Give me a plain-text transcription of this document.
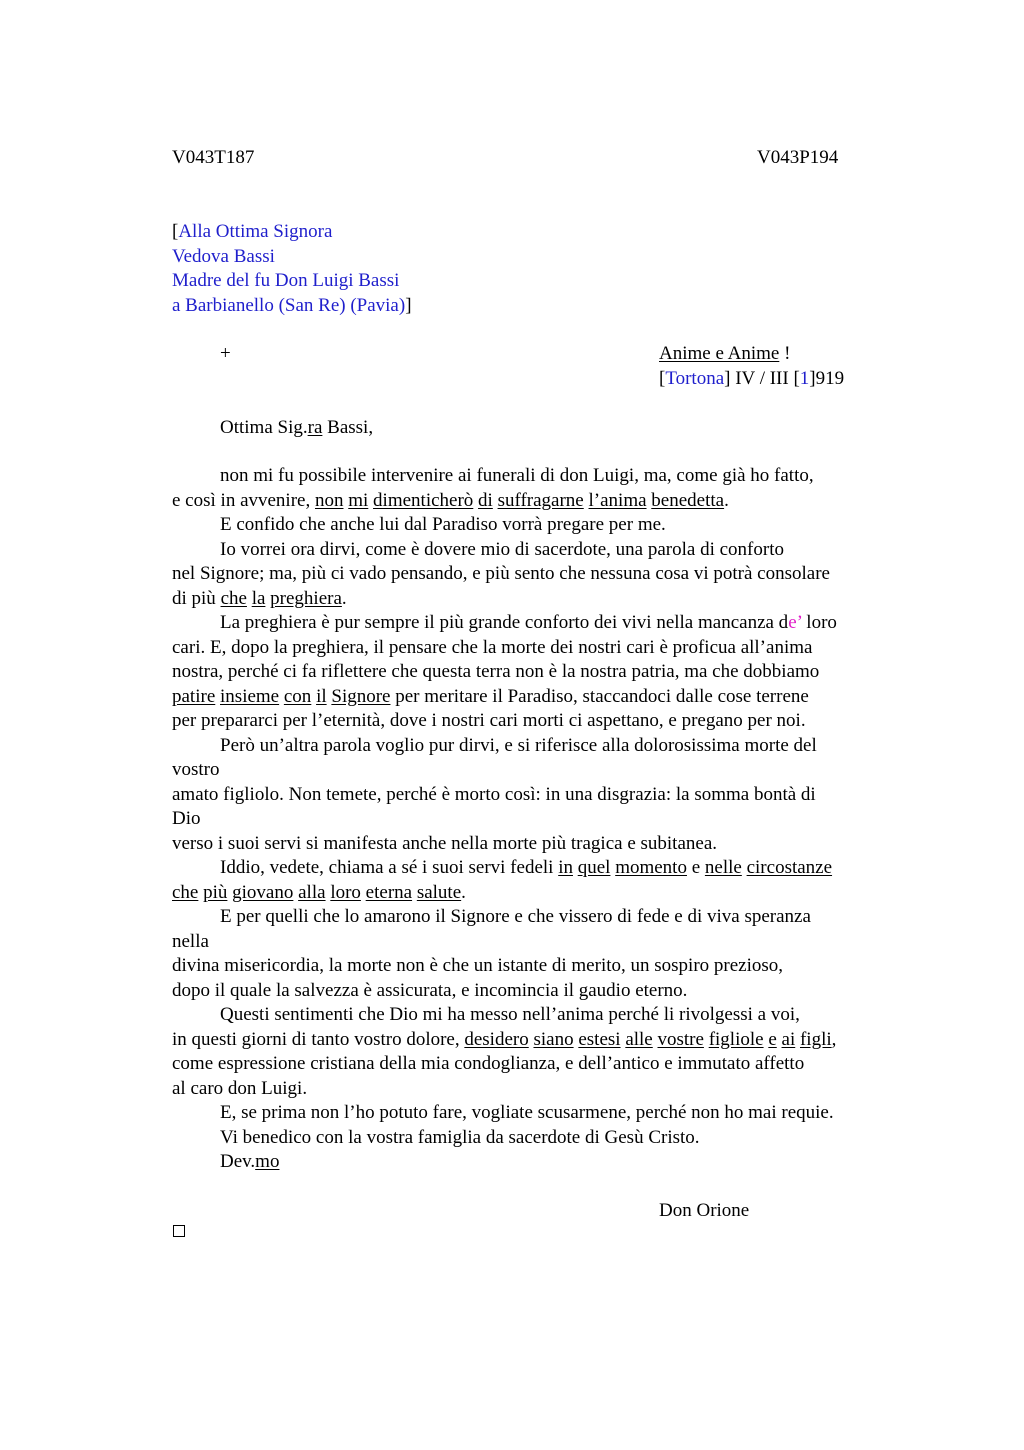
V043T187	V043P194
[Alla Ottima Signora
Vedova Bassi
Madre del fu Don Luigi Bassi
a Barbianello (San Re) (Pavia)]
+	Anime e Anime !
[Tortona] IV / III [1]919
Ottima Sig.ra Bassi,
non mi fu possibile intervenire ai funerali di don Luigi, ma, come già ho fatto,
e così in avvenire, non mi dimenticherò di suffragarne l’anima benedetta.
E confido che anche lui dal Paradiso vorrà pregare per me.
Io vorrei ora dirvi, come è dovere mio di sacerdote, una parola di conforto
nel Signore; ma, più ci vado pensando, e più sento che nessuna cosa vi potrà consolare
di più che la preghiera.
La preghiera è pur sempre il più grande conforto dei vivi nella mancanza de’ loro
cari. E, dopo la preghiera, il pensare che la morte dei nostri cari è proficua all’anima
nostra, perché ci fa riflettere che questa terra non è la nostra patria, ma che dobbiamo
patire insieme con il Signore per meritare il Paradiso, staccandoci dalle cose terrene
per prepararci per l’eternità, dove i nostri cari morti ci aspettano, e pregano per noi.
Però un’altra parola voglio pur dirvi, e si riferisce alla dolorosissima morte del
vostro
amato figliolo. Non temete, perché è morto così: in una disgrazia: la somma bontà di
Dio
verso i suoi servi si manifesta anche nella morte più tragica e subitanea.
Iddio, vedete, chiama a sé i suoi servi fedeli in quel momento e nelle circostanze
che più giovano alla loro eterna salute.
E per quelli che lo amarono il Signore e che vissero di fede e di viva speranza
nella
divina misericordia, la morte non è che un istante di merito, un sospiro prezioso,
dopo il quale la salvezza è assicurata, e incomincia il gaudio eterno.
Questi sentimenti che Dio mi ha messo nell’anima perché li rivolgessi a voi,
in questi giorni di tanto vostro dolore, desidero siano estesi alle vostre figliole e ai figli,
come espressione cristiana della mia condoglianza, e dell’antico e immutato affetto
al caro don Luigi.
E, se prima non l’ho potuto fare, vogliate scusarmene, perché non ho mai requie.
Vi benedico con la vostra famiglia da sacerdote di Gesù Cristo.
Dev.mo
Don Orione
